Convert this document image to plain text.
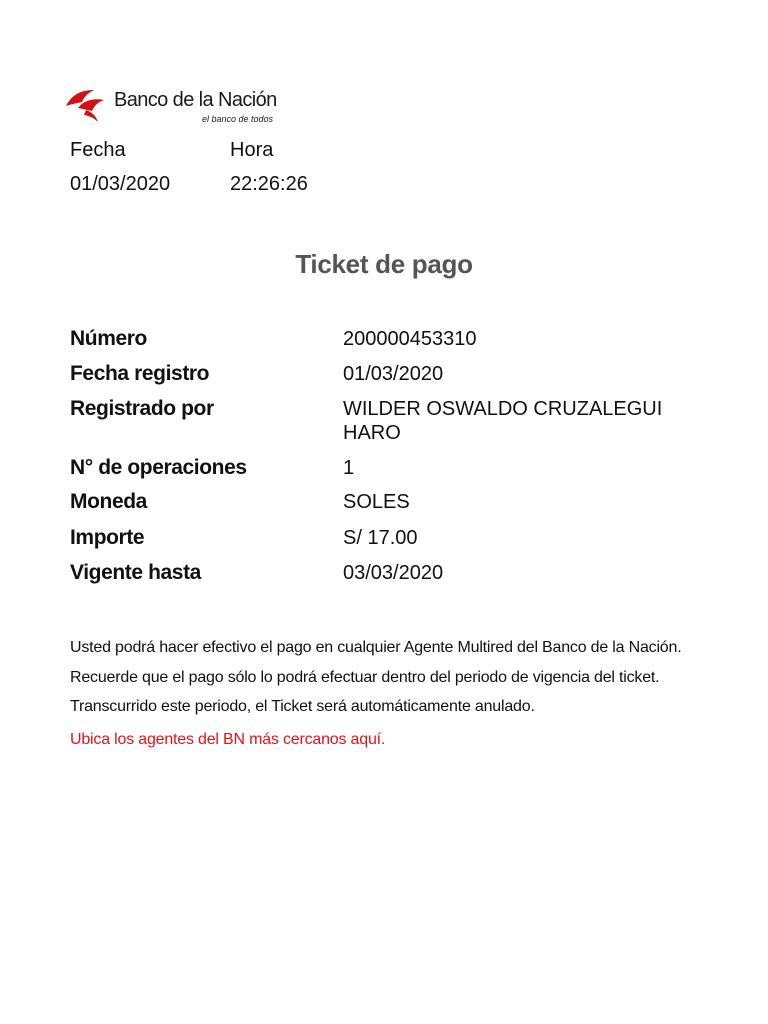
Banco de la Nación
el banco de todos
Fecha	Hora
01/03/2020	22:26:26
Ticket de pago
Número	200000453310
Fecha registro	01/03/2020
Registrado por	WILDER OSWALDO CRUZALEGUI
HARO
N° de operaciones	1
Moneda	SOLES
Importe	S/ 17.00
Vigente hasta	03/03/2020
Usted podrá hacer efectivo el pago en cualquier Agente Multired del Banco de la Nación.
Recuerde que el pago sólo lo podrá efectuar dentro del periodo de vigencia del ticket.
Transcurrido este periodo, el Ticket será automáticamente anulado.
Ubica los agentes del BN más cercanos aquí.
